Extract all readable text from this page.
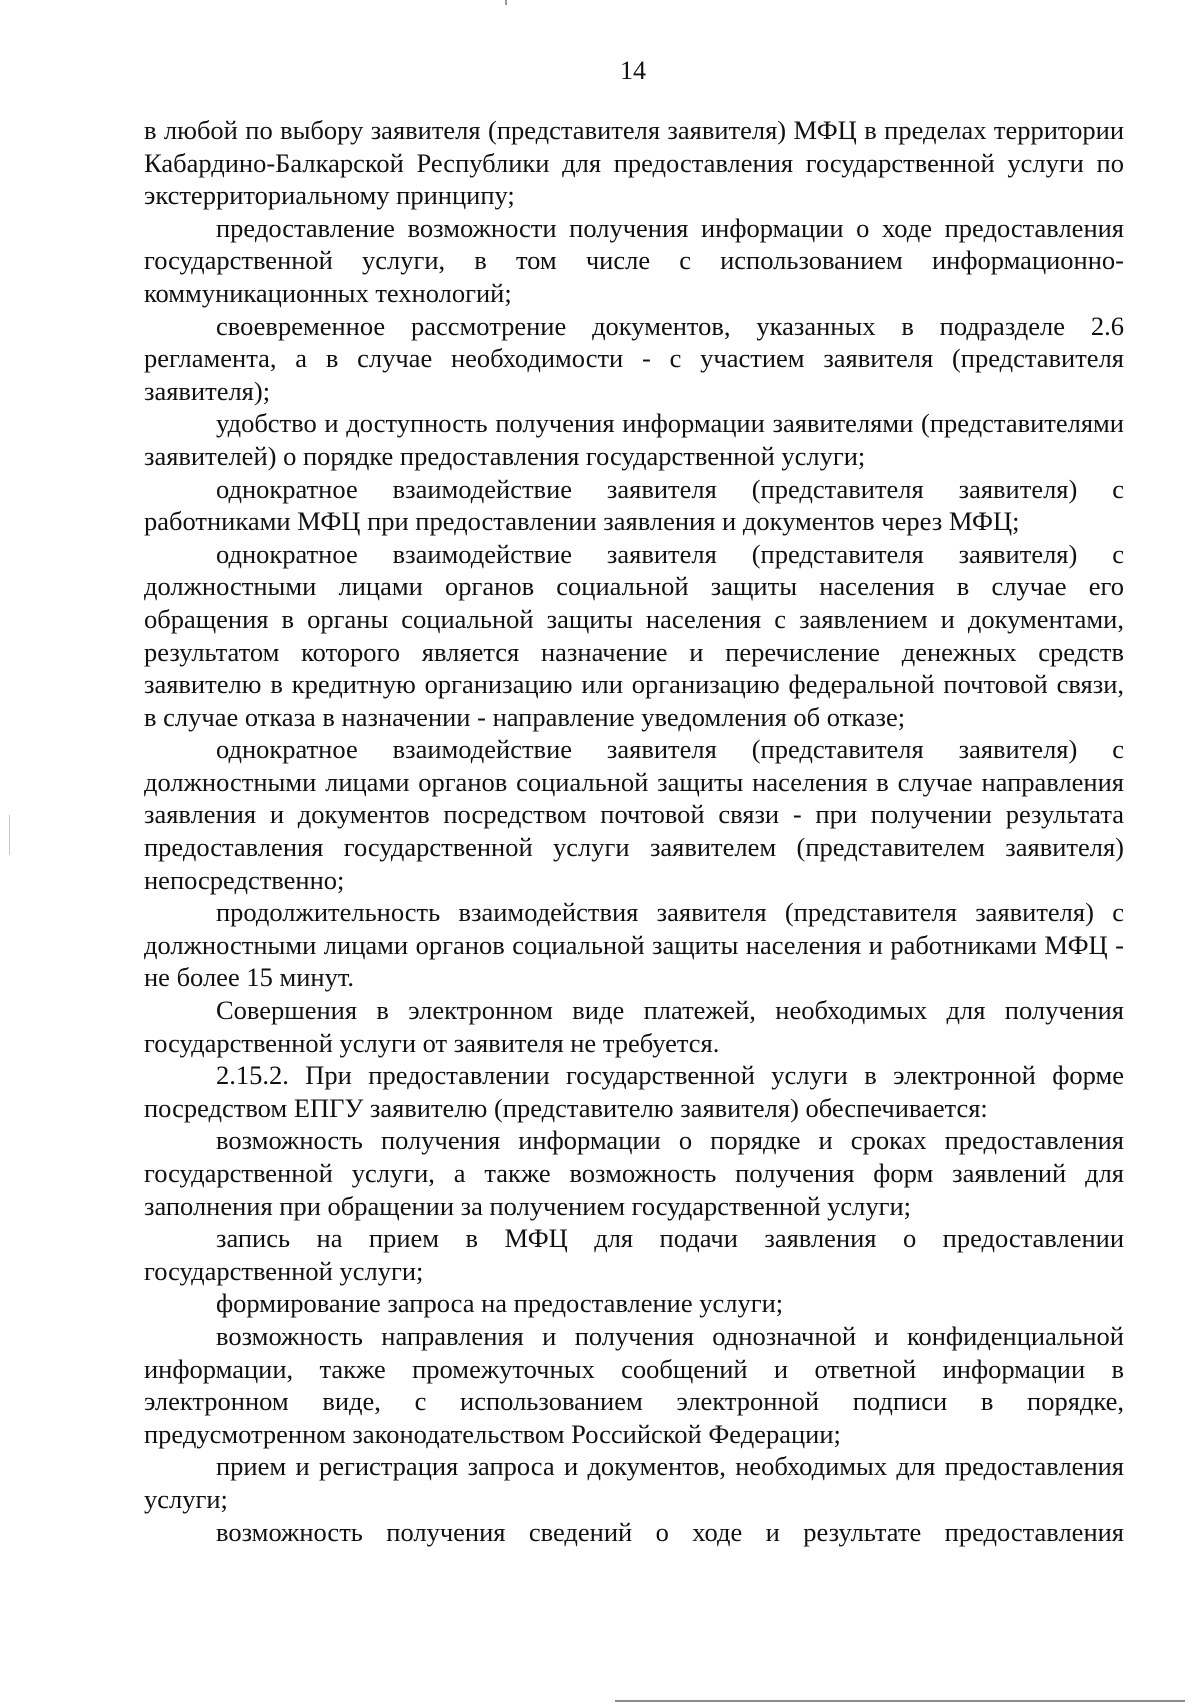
14

в любой по выбору заявителя (представителя заявителя) МФЦ в пределах территории Кабардино-Балкарской Республики для предоставления государственной услуги по экстерриториальному принципу;

предоставление возможности получения информации о ходе предоставления государственной услуги, в том числе с использованием информационно-коммуникационных технологий;

своевременное рассмотрение документов, указанных в подразделе 2.6 регламента, а в случае необходимости - с участием заявителя (представителя заявителя);

удобство и доступность получения информации заявителями (представителями заявителей) о порядке предоставления государственной услуги;

однократное взаимодействие заявителя (представителя заявителя) с работниками МФЦ при предоставлении заявления и документов через МФЦ;

однократное взаимодействие заявителя (представителя заявителя) с должностными лицами органов социальной защиты населения в случае его обращения в органы социальной защиты населения с заявлением и документами, результатом которого является назначение и перечисление денежных средств заявителю в кредитную организацию или организацию федеральной почтовой связи, в случае отказа в назначении - направление уведомления об отказе;

однократное взаимодействие заявителя (представителя заявителя) с должностными лицами органов социальной защиты населения в случае направления заявления и документов посредством почтовой связи - при получении результата предоставления государственной услуги заявителем (представителем заявителя) непосредственно;

продолжительность взаимодействия заявителя (представителя заявителя) с должностными лицами органов социальной защиты населения и работниками МФЦ - не более 15 минут.

Совершения в электронном виде платежей, необходимых для получения государственной услуги от заявителя не требуется.

2.15.2. При предоставлении государственной услуги в электронной форме посредством ЕПГУ заявителю (представителю заявителя) обеспечивается:

возможность получения информации о порядке и сроках предоставления государственной услуги, а также возможность получения форм заявлений для заполнения при обращении за получением государственной услуги;

запись на прием в МФЦ для подачи заявления о предоставлении государственной услуги;

формирование запроса на предоставление услуги;

возможность направления и получения однозначной и конфиденциальной информации, также промежуточных сообщений и ответной информации в электронном виде, с использованием электронной подписи в порядке, предусмотренном законодательством Российской Федерации;

прием и регистрация запроса и документов, необходимых для предоставления услуги;

возможность получения сведений о ходе и результате предоставления
